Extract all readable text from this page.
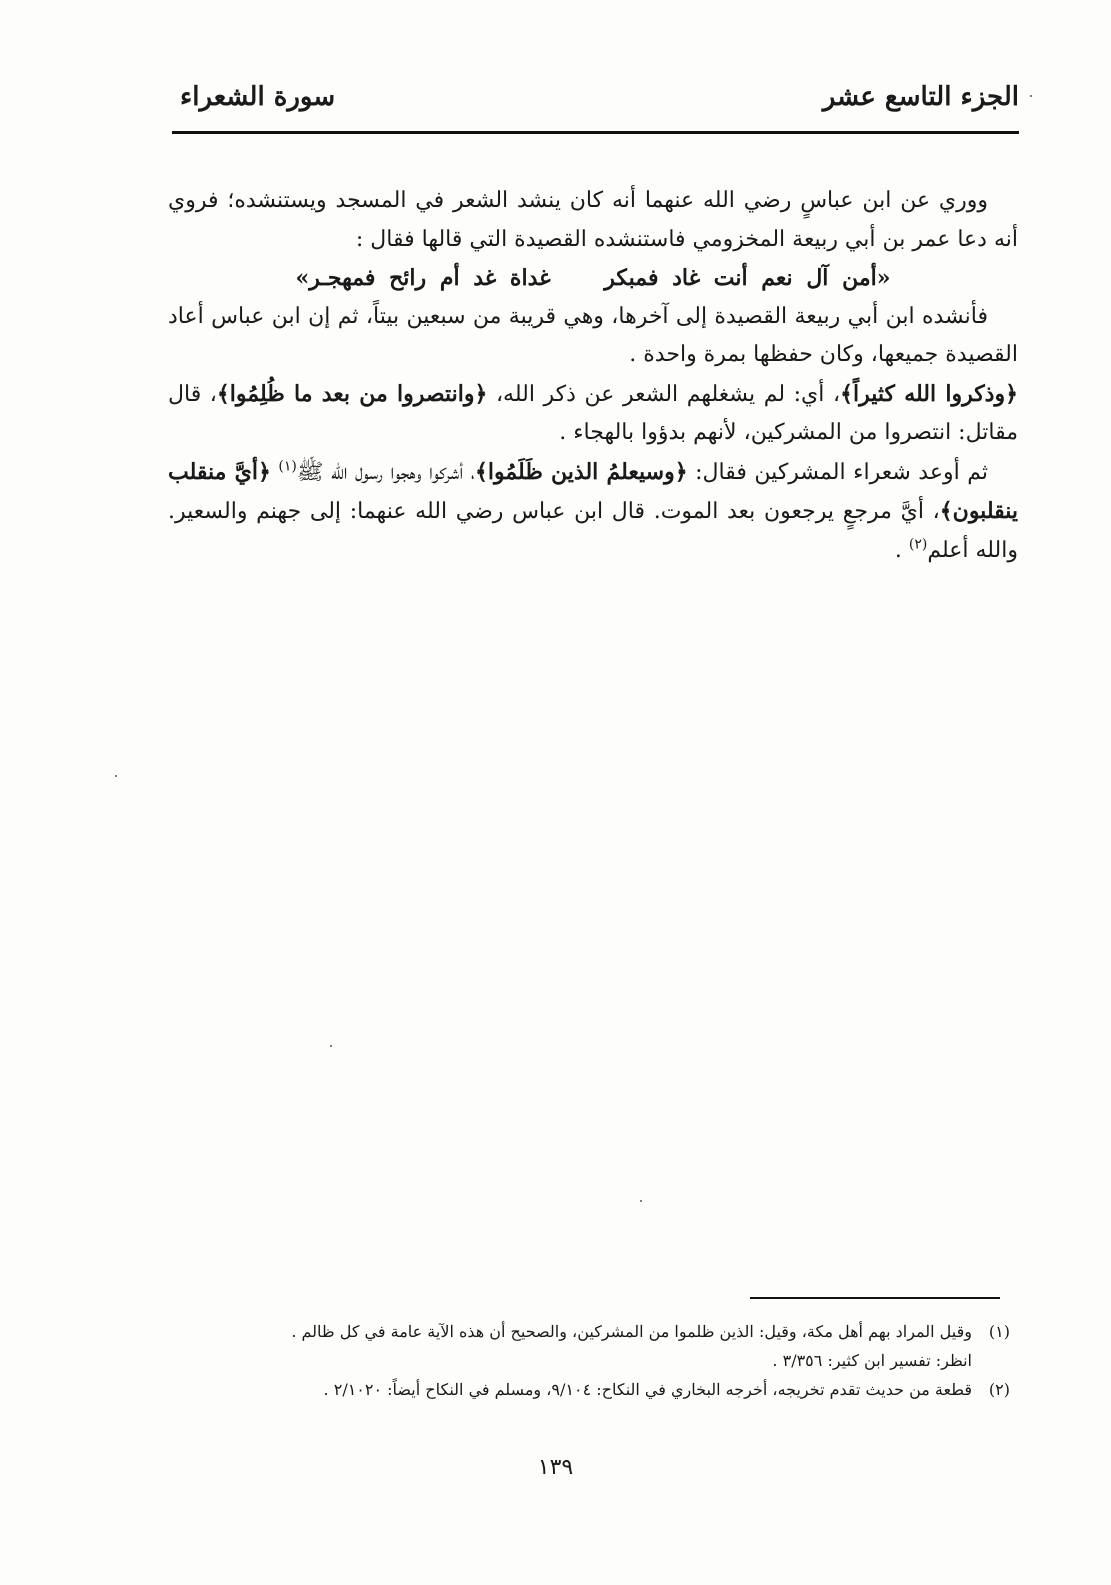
الجزء التاسع عشر
سورة الشعراء

ووري عن ابن عباسٍ رضي الله عنهما أنه كان ينشد الشعر في المسجد ويستنشده؛ فروي أنه دعا عمر بن أبي ربيعة المخزومي فاستنشده القصيدة التي قالها فقال :

«أمن آل نعم أنت غاد فمبكر غداة غد أم رائح فمهجـر»

فأنشده ابن أبي ربيعة القصيدة إلى آخرها، وهي قريبة من سبعين بيتاً، ثم إن ابن عباس أعاد القصيدة جميعها، وكان حفظها بمرة واحدة .

﴿وذكروا الله كثيراً﴾، أي: لم يشغلهم الشعر عن ذكر الله، ﴿وانتصروا من بعد ما ظُلِمُوا﴾، قال مقاتل: انتصروا من المشركين، لأنهم بدؤوا بالهجاء .

ثم أوعد شعراء المشركين فقال: ﴿وسيعلمُ الذين ظَلَمُوا﴾، أشركوا وهجوا رسول الله ﷺ$^{(١)}$ ﴿أيَّ منقلب ينقلبون﴾، أيَّ مرجعٍ يرجعون بعد الموت. قال ابن عباس رضي الله عنهما: إلى جهنم والسعير. والله أعلم$^{(٢)}$ .

(١)
وقيل المراد بهم أهل مكة، وقيل: الذين ظلموا من المشركين، والصحيح أن هذه الآية عامة في كل ظالم .
انظر: تفسير ابن كثير: ٣/٣٥٦ .
(٢)
قطعة من حديث تقدم تخريجه، أخرجه البخاري في النكاح: ٩/١٠٤، ومسلم في النكاح أيضاً: ٢/١٠٢٠ .
١٣٩
